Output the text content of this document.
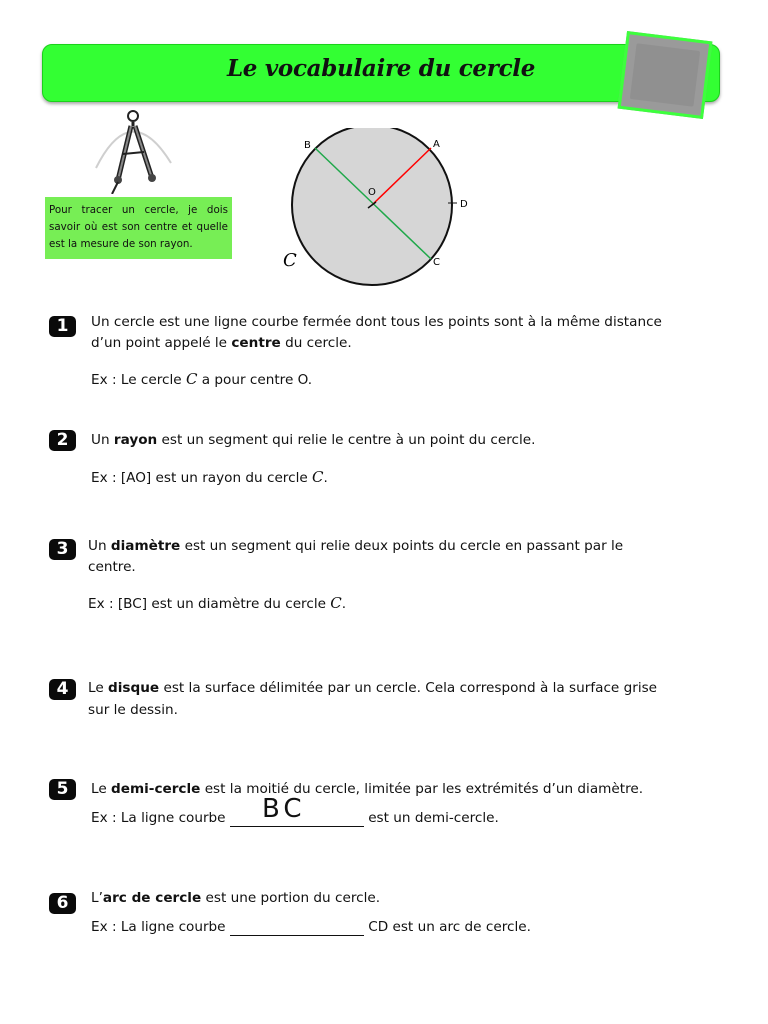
Le vocabulaire du cercle
Pour tracer un cercle, je dois savoir où est son centre et quelle est la mesure de son rayon.
B	A
O
D
C
C
1	Un cercle est une ligne courbe fermée dont tous les points sont à la même distance
d’un point appelé le centre du cercle.
Ex : Le cercle C a pour centre O.
2	Un rayon est un segment qui relie le centre à un point du cercle.
Ex : [AO] est un rayon du cercle C.
3	Un diamètre est un segment qui relie deux points du cercle en passant par le
centre.
Ex : [BC] est un diamètre du cercle C.
4	Le disque est la surface délimitée par un cercle. Cela correspond à la surface grise
sur le dessin.
5	Le demi-cercle est la moitié du cercle, limitée par les extrémités d’un diamètre.
Ex : La ligne courbe	est un demi-cercle.
BC
6	L’arc de cercle est une portion du cercle.
Ex : La ligne courbe	CD est un arc de cercle.
